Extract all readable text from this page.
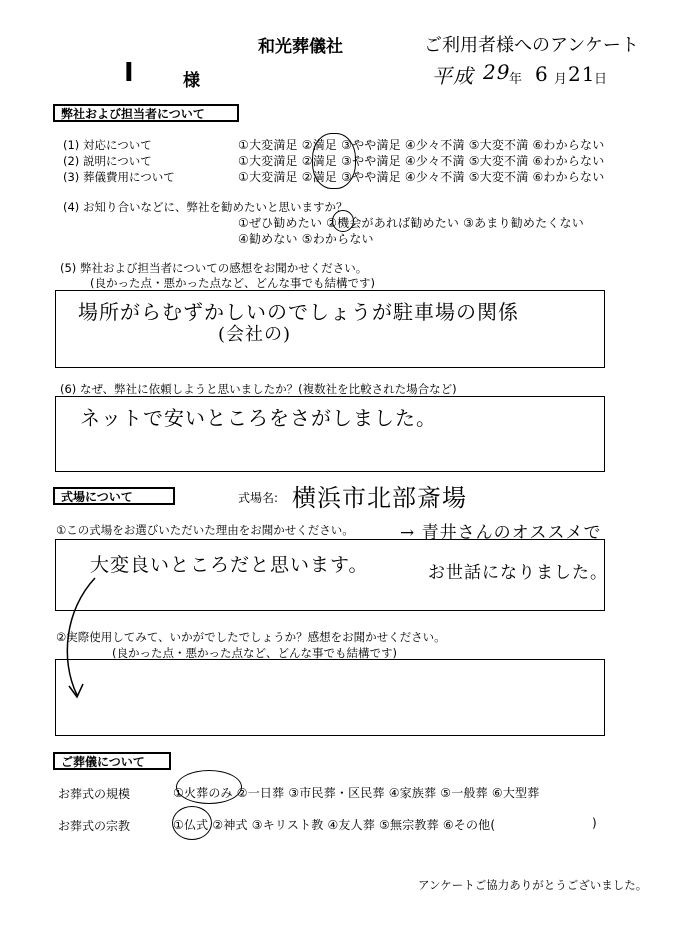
和光葬儀社	ご利用者様へのアンケート
I	様	平成 29
年 6 月 21
日
弊社および担当者について
(1) 対応について	①大変満足 ②満足 ③やや満足 ④少々不満 ⑤大変不満 ⑥わからない
(2) 説明について	①大変満足 ②満足 ③やや満足 ④少々不満 ⑤大変不満 ⑥わからない
(3) 葬儀費用について	①大変満足 ②満足 ③やや満足 ④少々不満 ⑤大変不満 ⑥わからない
(4) お知り合いなどに、弊社を勧めたいと思いますか？
①ぜひ勧めたい ②機会があれば勧めたい ③あまり勧めたくない
④勧めない ⑤わからない
(5) 弊社および担当者についての感想をお聞かせください。
(良かった点・悪かった点など、どんな事でも結構です)
場所がらむずかしいのでしょうが駐車場の関係
(会社の)
(6) なぜ、弊社に依頼しようと思いましたか？(複数社を比較された場合など)
ネットで安いところをさがしました。
式場について	式場名: 横浜市北部斎場
①この式場をお選びいただいた理由をお聞かせください。	→ 青井さんのオススメで
お世話になりました。
大変良いところだと思います。
②実際使用してみて、いかがでしたでしょうか？感想をお聞かせください。
(良かった点・悪かった点など、どんな事でも結構です)
ご葬儀について
お葬式の規模	①火葬のみ ②一日葬 ③市民葬・区民葬 ④家族葬 ⑤一般葬 ⑥大型葬
お葬式の宗教	①仏式 ②神式 ③キリスト教 ④友人葬 ⑤無宗教葬 ⑥その他(	)
アンケートご協力ありがとうございました。
